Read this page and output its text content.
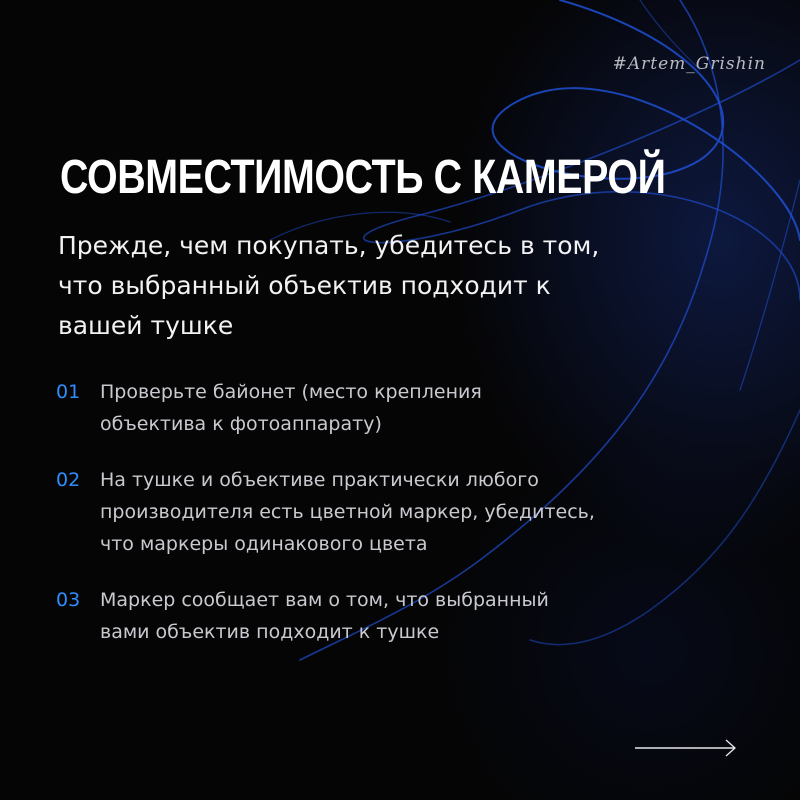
#Artem_Grishin
СОВМЕСТИМОСТЬ С КАМЕРОЙ

Прежде, чем покупать, убедитесь в том, что выбранный объектив подходит к вашей тушке

01	Проверьте байонет (место крепления
объектива к фотоаппарату)
02	На тушке и объективе практически любого
производителя есть цветной маркер, убедитесь,
что маркеры одинакового цвета
03	Маркер сообщает вам о том, что выбранный
вами объектив подходит к тушке
